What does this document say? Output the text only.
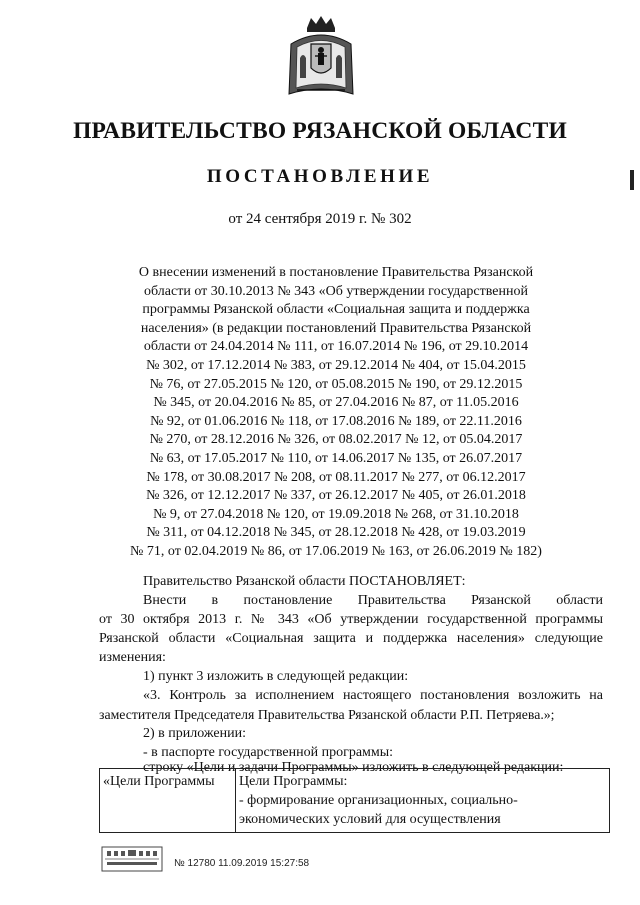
ПРАВИТЕЛЬСТВО РЯЗАНСКОЙ ОБЛАСТИ
ПОСТАНОВЛЕНИЕ
от 24 сентября 2019 г. № 302
О внесении изменений в постановление Правительства Рязанской
области от 30.10.2013 № 343 «Об утверждении государственной
программы Рязанской области «Социальная защита и поддержка
населения» (в редакции постановлений Правительства Рязанской
области от 24.04.2014 № 111, от 16.07.2014 № 196, от 29.10.2014
№ 302, от 17.12.2014 № 383, от 29.12.2014 № 404, от 15.04.2015
№ 76, от 27.05.2015 № 120, от 05.08.2015 № 190, от 29.12.2015
№ 345, от 20.04.2016 № 85, от 27.04.2016 № 87, от 11.05.2016
№ 92, от 01.06.2016 № 118, от 17.08.2016 № 189, от 22.11.2016
№ 270, от 28.12.2016 № 326, от 08.02.2017 № 12, от 05.04.2017
№ 63, от 17.05.2017 № 110, от 14.06.2017 № 135, от 26.07.2017
№ 178, от 30.08.2017 № 208, от 08.11.2017 № 277, от 06.12.2017
№ 326, от 12.12.2017 № 337, от 26.12.2017 № 405, от 26.01.2018
№ 9, от 27.04.2018 № 120, от 19.09.2018 № 268, от 31.10.2018
№ 311, от 04.12.2018 № 345, от 28.12.2018 № 428, от 19.03.2019
№ 71, от 02.04.2019 № 86, от 17.06.2019 № 163, от 26.06.2019 № 182)
Правительство Рязанской области ПОСТАНОВЛЯЕТ:
Внести в постановление Правительства Рязанской области
от 30 октября 2013 г. № 343 «Об утверждении государственной программы
Рязанской области «Социальная защита и поддержка населения» следующие
изменения:
1) пункт 3 изложить в следующей редакции:
«3. Контроль за исполнением настоящего постановления возложить на
заместителя Председателя Правительства Рязанской области Р.П. Петряева.»;
2) в приложении:
- в паспорте государственной программы:
строку «Цели и задачи Программы» изложить в следующей редакции:
«Цели Программы	Цели Программы:
- формирование организационных, социально-
экономических условий для осуществления
№ 12780 11.09.2019 15:27:58
